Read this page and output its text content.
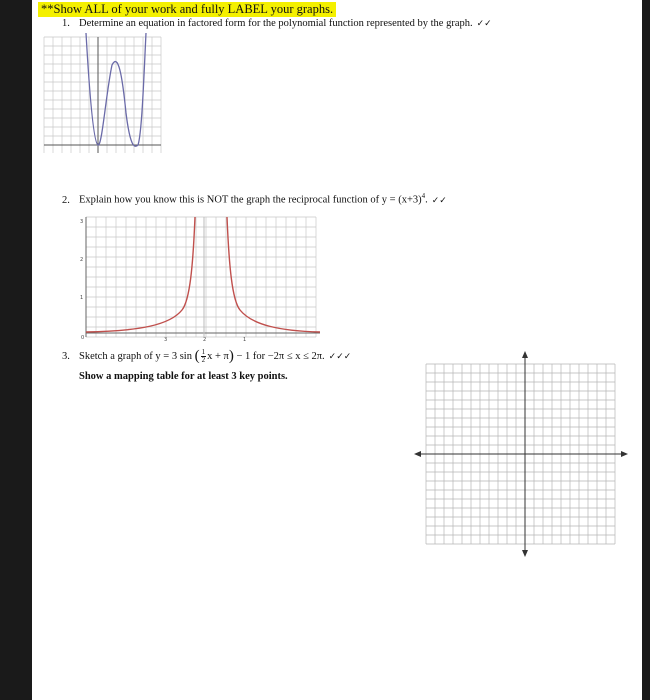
**Show ALL of your work and fully LABEL your graphs.
1. Determine an equation in factored form for the polynomial function represented by the graph. ✓✓
2. Explain how you know this is NOT the graph the reciprocal function of $y = (x+3)^4$. ✓✓
3
2
1
0	3	2	1
3. Sketch a graph of y = 3 sin ( $\frac{1}{2}$ x + π) − 1 for −2π ≤ x ≤ 2π. ✓✓✓
Show a mapping table for at least 3 key points.
